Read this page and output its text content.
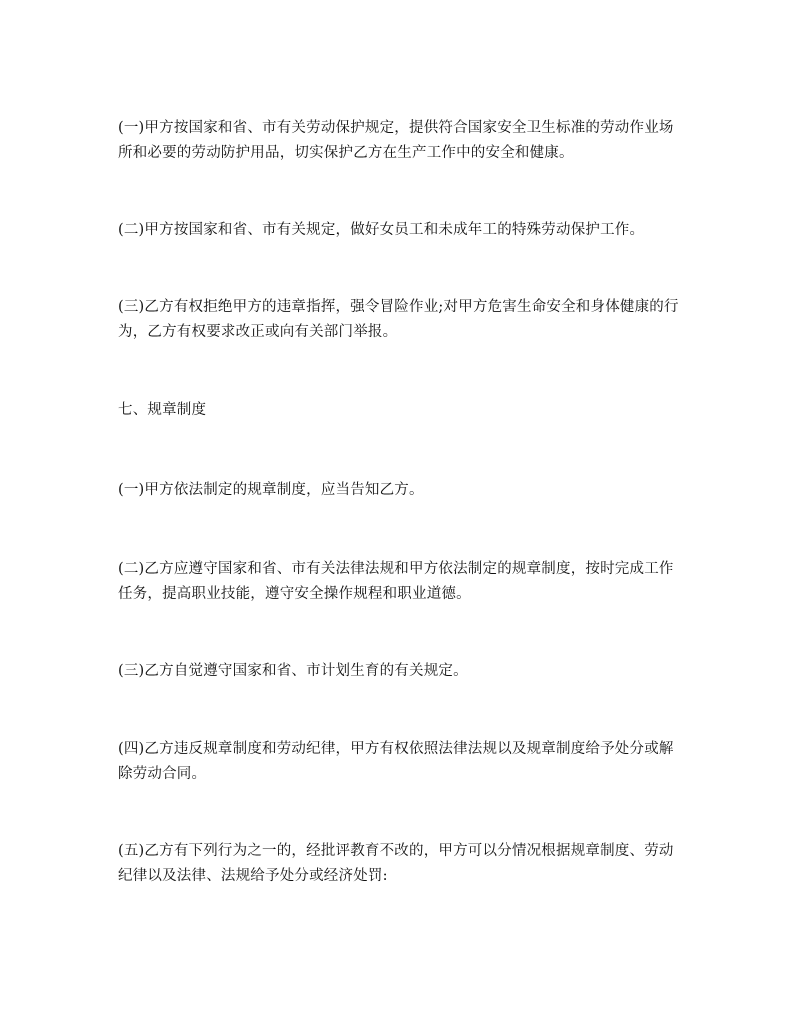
(一)甲方按国家和省、市有关劳动保护规定，提供符合国家安全卫生标准的劳动作业场所和必要的劳动防护用品，切实保护乙方在生产工作中的安全和健康。

(二)甲方按国家和省、市有关规定，做好女员工和未成年工的特殊劳动保护工作。

(三)乙方有权拒绝甲方的违章指挥，强令冒险作业;对甲方危害生命安全和身体健康的行为，乙方有权要求改正或向有关部门举报。

七、规章制度

(一)甲方依法制定的规章制度，应当告知乙方。

(二)乙方应遵守国家和省、市有关法律法规和甲方依法制定的规章制度，按时完成工作任务，提高职业技能，遵守安全操作规程和职业道德。

(三)乙方自觉遵守国家和省、市计划生育的有关规定。

(四)乙方违反规章制度和劳动纪律，甲方有权依照法律法规以及规章制度给予处分或解除劳动合同。

(五)乙方有下列行为之一的，经批评教育不改的，甲方可以分情况根据规章制度、劳动纪律以及法律、法规给予处分或经济处罚:
